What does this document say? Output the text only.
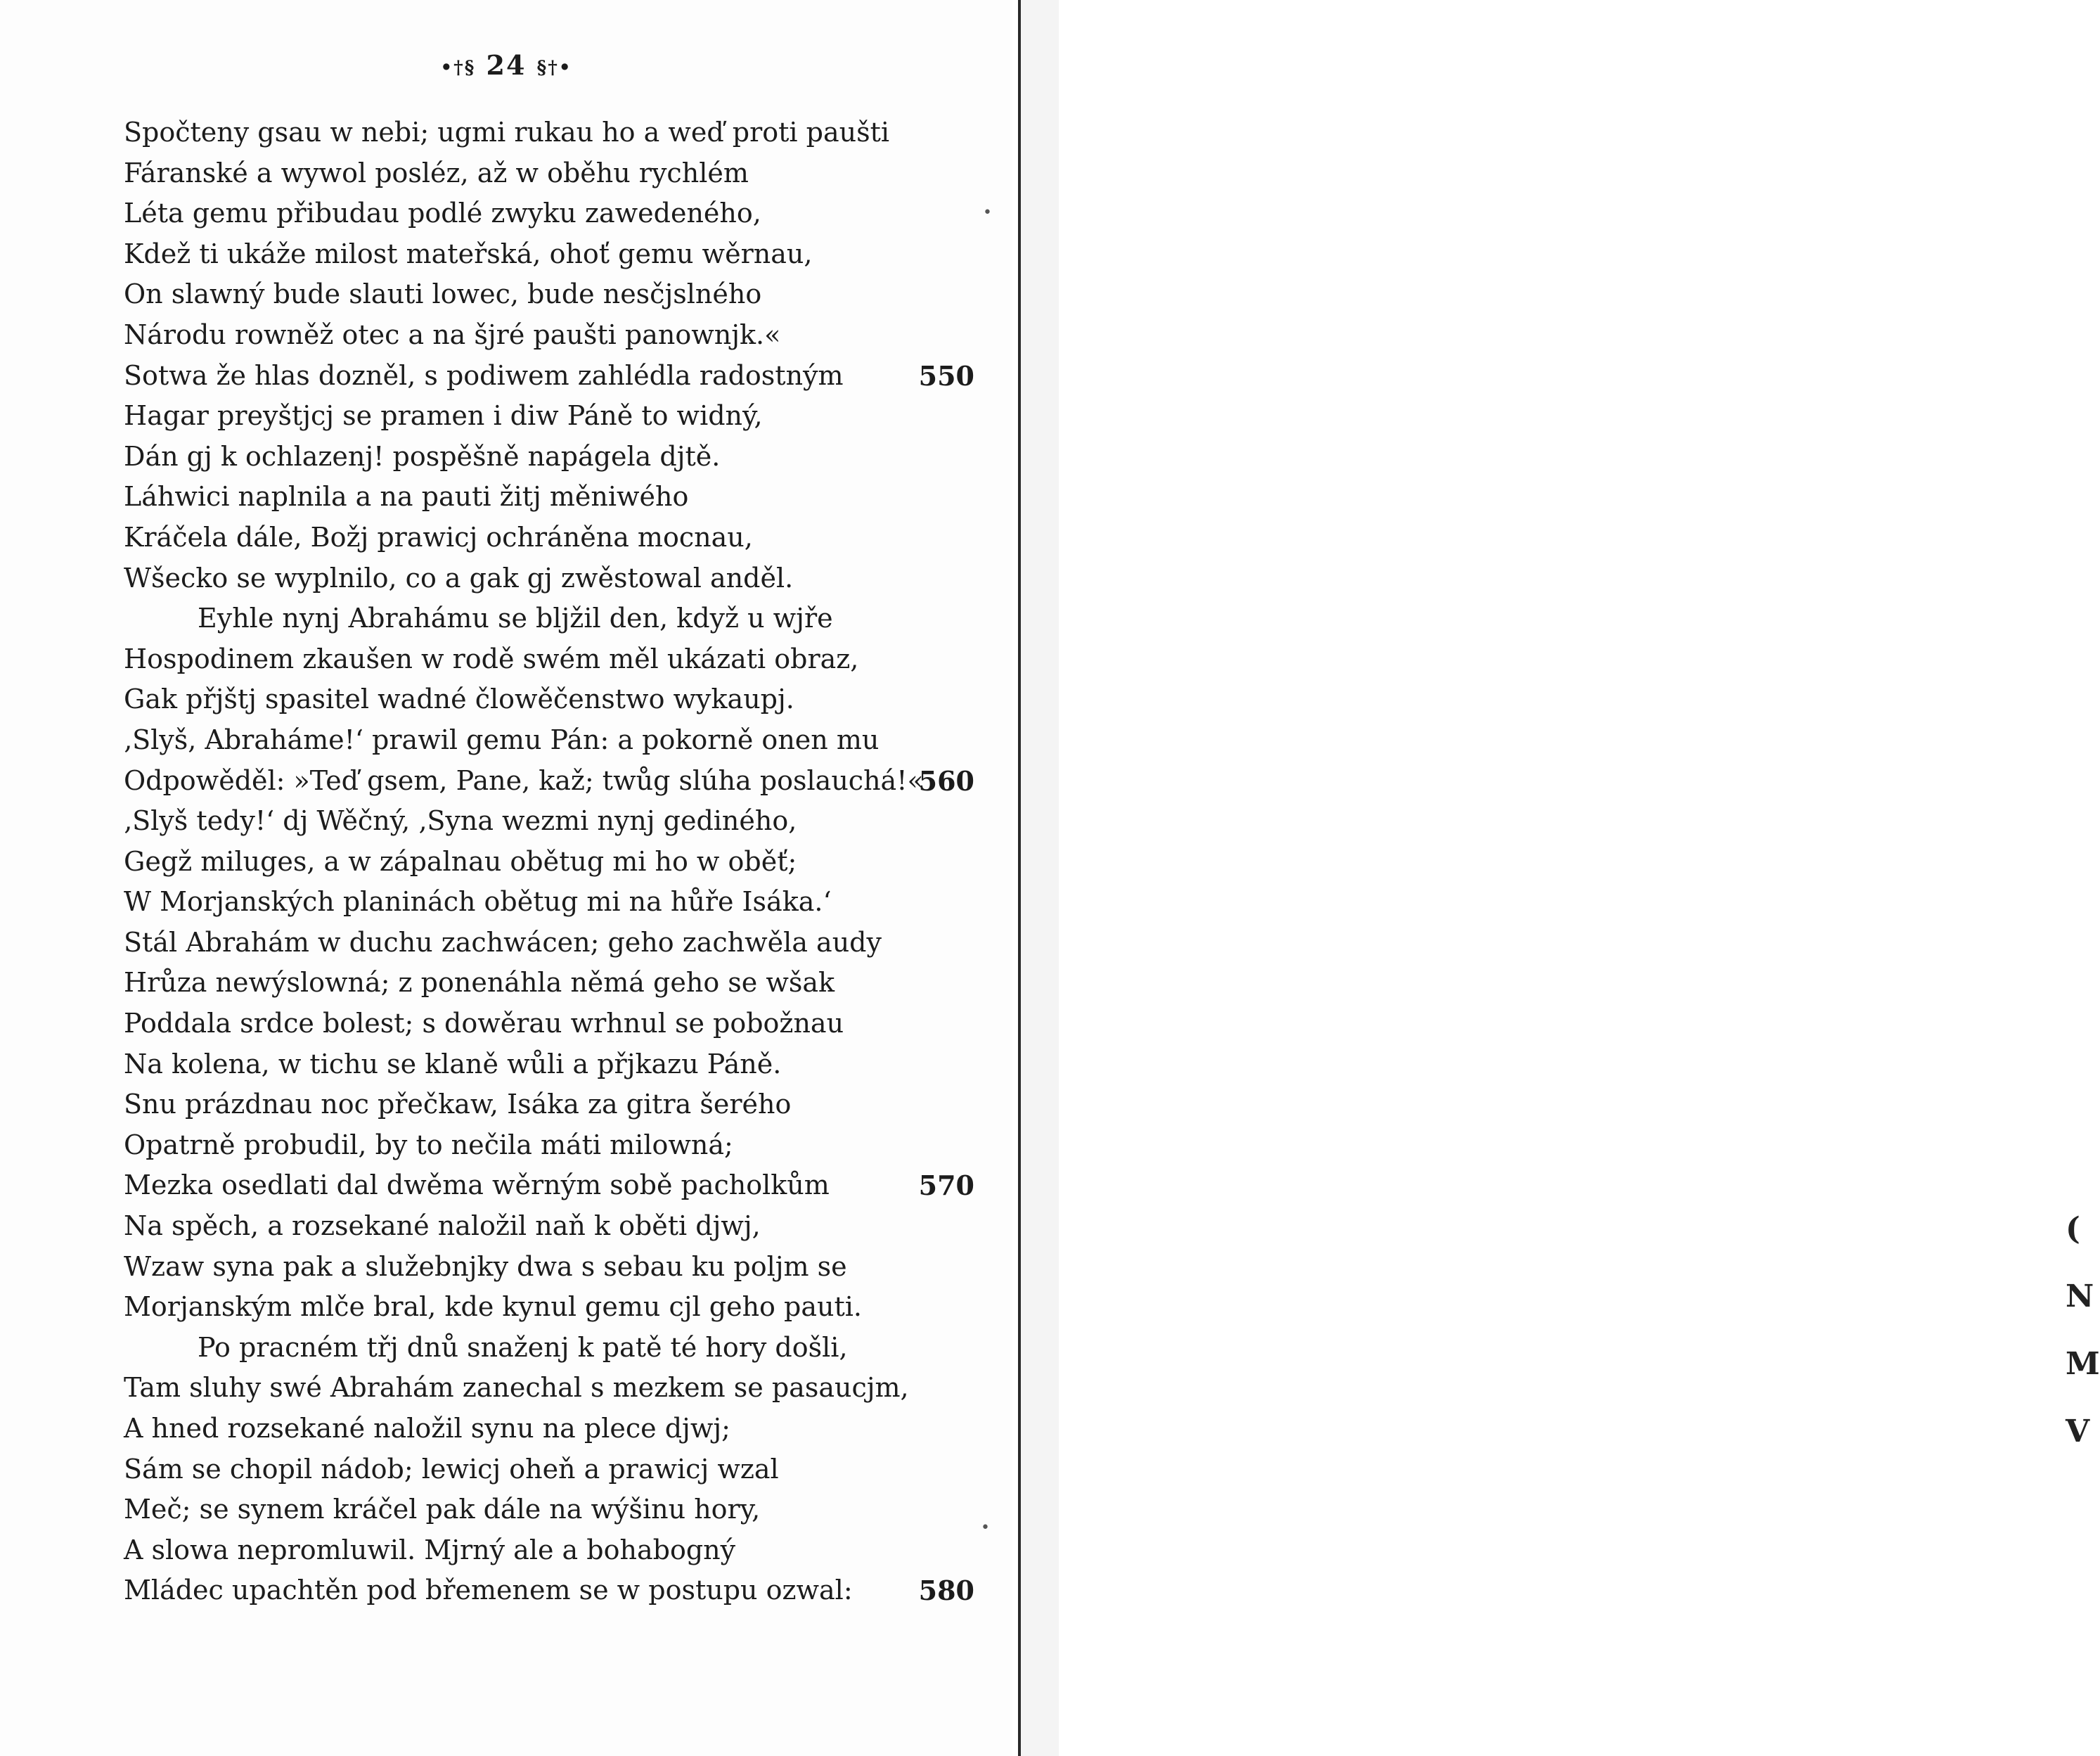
•†§ 24 §†•
Spočteny gsau w nebi; ugmi rukau ho a weď proti paušti
Fáranské a wywol posléz, až w oběhu rychlém
Léta gemu přibudau podlé zwyku zawedeného,
Kdež ti ukáže milost mateřská, ohoť gemu wěrnau,
On slawný bude slauti lowec, bude nesčjslného
Národu rowněž otec a na šjré paušti panownjk.«
Sotwa že hlas dozněl, s podiwem zahlédla radostným	550
Hagar preyštjcj se pramen i diw Páně to widný,
Dán gj k ochlazenj! pospěšně napágela djtě.
Láhwici naplnila a na pauti žitj měniwého
Kráčela dále, Božj prawicj ochráněna mocnau,
Wšecko se wyplnilo, co a gak gj zwěstowal anděl.
Eyhle nynj Abrahámu se bljžil den, když u wjře
Hospodinem zkaušen w rodě swém měl ukázati obraz,
Gak přjštj spasitel wadné člowěčenstwo wykaupj.
‚Slyš, Abraháme!‘ prawil gemu Pán: a pokorně onen mu
Odpowěděl: »Teď gsem, Pane, kaž; twůg slúha poslauchá!«
560
‚Slyš tedy!‘ dj Wěčný, ‚Syna wezmi nynj gediného,
Gegž miluges, a w zápalnau obětug mi ho w oběť;
W Morjanských planinách obětug mi na hůře Isáka.‘
Stál Abrahám w duchu zachwácen; geho zachwěla audy
Hrůza newýslowná; z ponenáhla němá geho se wšak
Poddala srdce bolest; s dowěrau wrhnul se pobožnau
Na kolena, w tichu se klaně wůli a přjkazu Páně.
Snu prázdnau noc přečkaw, Isáka za gitra šerého
Opatrně probudil, by to nečila máti milowná;
Mezka osedlati dal dwěma wěrným sobě pacholkům	570
Na spěch, a rozsekané naložil naň k oběti djwj,
Wzaw syna pak a služebnjky dwa s sebau ku poljm se
Morjanským mlče bral, kde kynul gemu cjl geho pauti.
Po pracném třj dnů snaženj k patě té hory došli,
Tam sluhy swé Abrahám zanechal s mezkem se pasaucjm,
A hned rozsekané naložil synu na plece djwj;
Sám se chopil nádob; lewicj oheň a prawicj wzal
Meč; se synem kráčel pak dále na wýšinu hory,
A slowa nepromluwil. Mjrný ale a bohabogný
Mládec upachtěn pod břemenem se w postupu ozwal: 580
•
•
(
N
M
V
